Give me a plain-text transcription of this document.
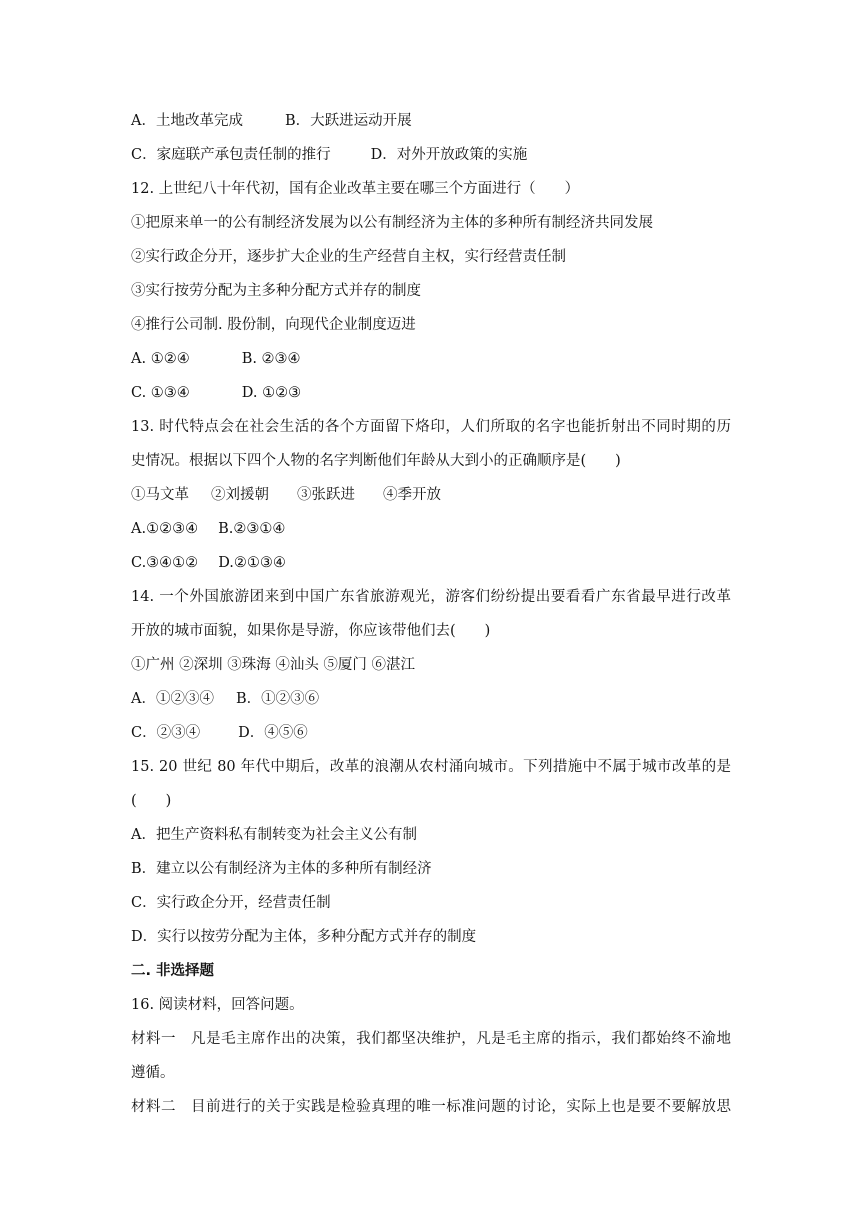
A．土地改革完成	B．大跃进运动开展
C．家庭联产承包责任制的推行	D．对外开放政策的实施
12. 上世纪八十年代初，国有企业改革主要在哪三个方面进行（　　）
①把原来单一的公有制经济发展为以公有制经济为主体的多种所有制经济共同发展
②实行政企分开，逐步扩大企业的生产经营自主权，实行经营责任制
③实行按劳分配为主多种分配方式并存的制度
④推行公司制. 股份制，向现代企业制度迈进
A. ①②④	B. ②③④
C. ①③④	D. ①②③
13. 时代特点会在社会生活的各个方面留下烙印，人们所取的名字也能折射出不同时期的历
史情况。根据以下四个人物的名字判断他们年龄从大到小的正确顺序是(　　)
①马文革 ②刘援朝 ③张跃进 ④季开放
A.①②③④ B.②③①④
C.③④①② D.②①③④
14. 一个外国旅游团来到中国广东省旅游观光，游客们纷纷提出要看看广东省最早进行改革
开放的城市面貌，如果你是导游，你应该带他们去(　　)
①广州 ②深圳 ③珠海 ④汕头 ⑤厦门 ⑥湛江
A．①②③④ B．①②③⑥
C．②③④	D．④⑤⑥
15. 20 世纪 80 年代中期后，改革的浪潮从农村涌向城市。下列措施中不属于城市改革的是
(　　)
A．把生产资料私有制转变为社会主义公有制
B．建立以公有制经济为主体的多种所有制经济
C．实行政企分开，经营责任制
D．实行以按劳分配为主体，多种分配方式并存的制度
二. 非选择题
16. 阅读材料，回答问题。
材料一　凡是毛主席作出的决策，我们都坚决维护，凡是毛主席的指示，我们都始终不渝地
遵循。
材料二　目前进行的关于实践是检验真理的唯一标准问题的讨论，实际上也是要不要解放思
